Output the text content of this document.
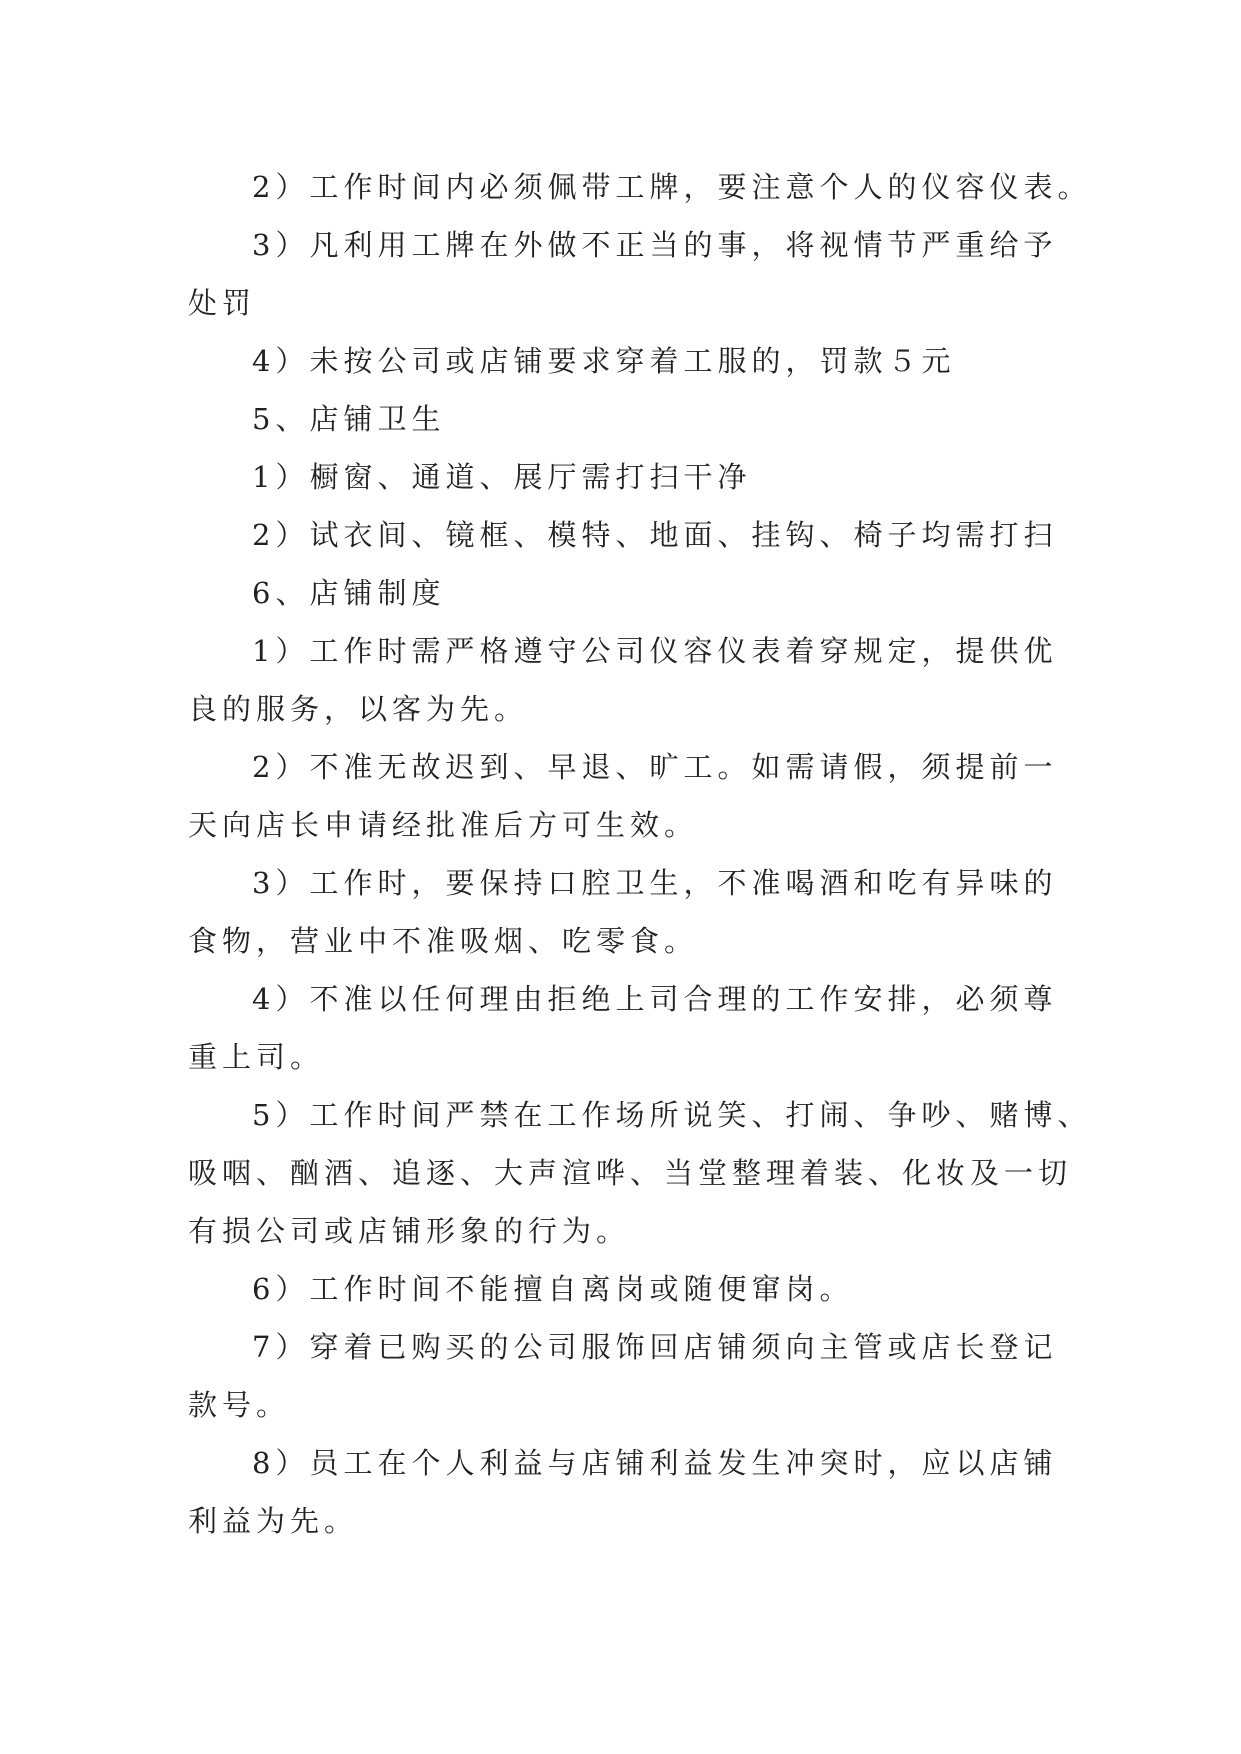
2）工作时间内必须佩带工牌，要注意个人的仪容仪表。
3）凡利用工牌在外做不正当的事，将视情节严重给予
处罚
4）未按公司或店铺要求穿着工服的，罚款５元
5、店铺卫生
1）橱窗、通道、展厅需打扫干净
2）试衣间、镜框、模特、地面、挂钩、椅子均需打扫
6、店铺制度
1）工作时需严格遵守公司仪容仪表着穿规定，提供优
良的服务，以客为先。
2）不准无故迟到、早退、旷工。如需请假，须提前一
天向店长申请经批准后方可生效。
3）工作时，要保持口腔卫生，不准喝酒和吃有异味的
食物，营业中不准吸烟、吃零食。
4）不准以任何理由拒绝上司合理的工作安排，必须尊
重上司。
5）工作时间严禁在工作场所说笑、打闹、争吵、赌博、
吸咽、酗酒、追逐、大声渲哗、当堂整理着装、化妆及一切
有损公司或店铺形象的行为。
6）工作时间不能擅自离岗或随便窜岗。
7）穿着已购买的公司服饰回店铺须向主管或店长登记
款号。
8）员工在个人利益与店铺利益发生冲突时，应以店铺
利益为先。
